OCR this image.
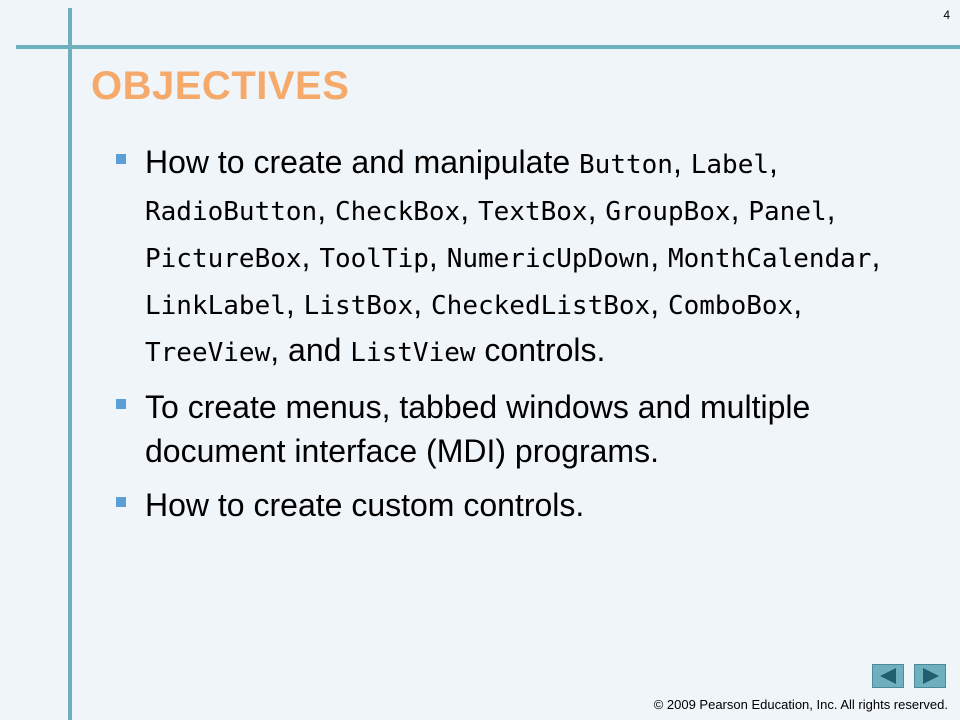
4
OBJECTIVES
How to create and manipulate Button, Label, RadioButton, CheckBox, TextBox, GroupBox, Panel, PictureBox, ToolTip, NumericUpDown, MonthCalendar, LinkLabel, ListBox, CheckedListBox, ComboBox, TreeView, and ListView controls.
To create menus, tabbed windows and multiple document interface (MDI) programs.
How to create custom controls.
© 2009 Pearson Education, Inc. All rights reserved.
